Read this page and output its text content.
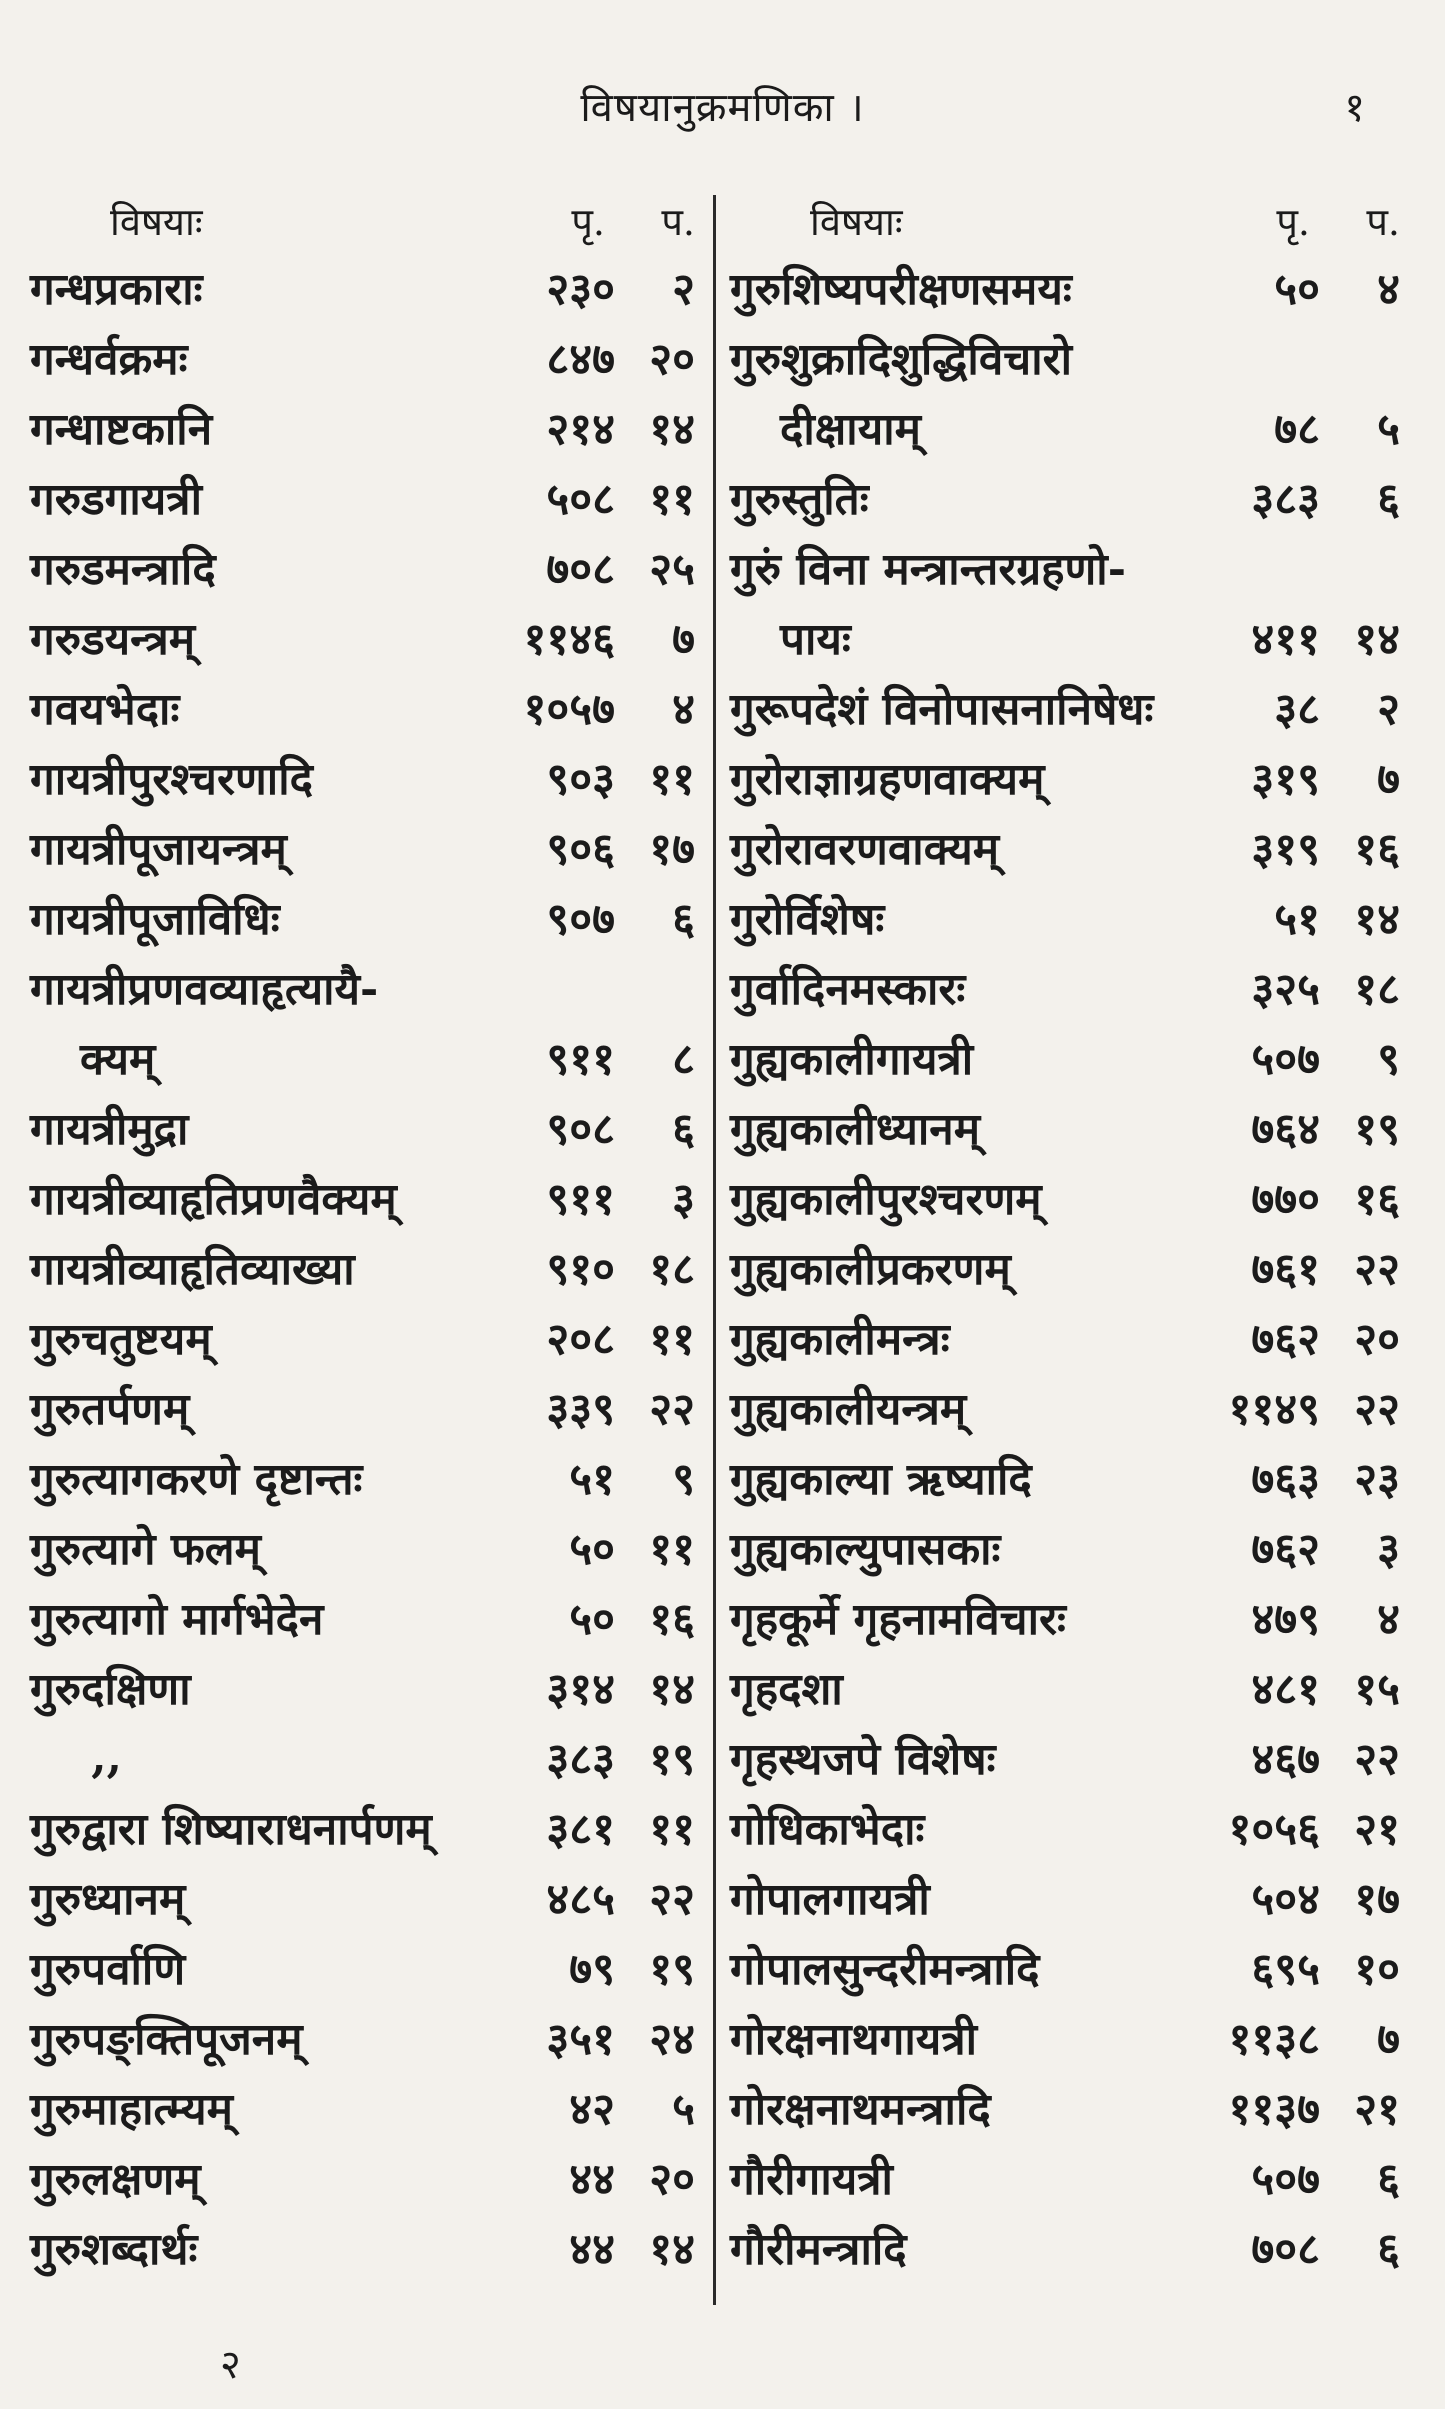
विषयानुक्रमणिका ।	१
विषयाः	पृ.	प.
गन्धप्रकाराः	२३०	२
गन्धर्वक्रमः	८४७ २०
गन्धाष्टकानि	२१४ १४
गरुडगायत्री	५०८ ११
गरुडमन्त्रादि	७०८ २५
गरुडयन्त्रम्	११४६	७
गवयभेदाः	१०५७	४
गायत्रीपुरश्चरणादि	९०३ ११
गायत्रीपूजायन्त्रम्	९०६ १७
गायत्रीपूजाविधिः	९०७	६
गायत्रीप्रणवव्याहृत्यायै-
क्यम्	९११	८
गायत्रीमुद्रा	९०८	६
गायत्रीव्याहृतिप्रणवैक्यम्	९११	३
गायत्रीव्याहृतिव्याख्या	९१० १८
गुरुचतुष्टयम्	२०८ ११
गुरुतर्पणम्	३३९ २२
गुरुत्यागकरणे दृष्टान्तः	५१	९
गुरुत्यागे फलम्	५० ११
गुरुत्यागो मार्गभेदेन	५० १६
गुरुदक्षिणा	३१४ १४
,,	३८३ १९
गुरुद्वारा शिष्याराधनार्पणम्	३८१ ११
गुरुध्यानम्	४८५ २२
गुरुपर्वाणि	७९ १९
गुरुपङ्क्तिपूजनम्	३५१ २४
गुरुमाहात्म्यम्	४२	५
गुरुलक्षणम्	४४ २०
गुरुशब्दार्थः	४४ १४
विषयाः	पृ.	प.
गुरुशिष्यपरीक्षणसमयः	५०	४
गुरुशुक्रादिशुद्धिविचारो
दीक्षायाम्	७८	५
गुरुस्तुतिः	३८३	६
गुरुं विना मन्त्रान्तरग्रहणो-
पायः	४११ १४
गुरूपदेशं विनोपासनानिषेधः	३८	२
गुरोराज्ञाग्रहणवाक्यम्	३१९	७
गुरोरावरणवाक्यम्	३१९ १६
गुरोर्विशेषः	५१ १४
गुर्वादिनमस्कारः	३२५ १८
गुह्यकालीगायत्री	५०७	९
गुह्यकालीध्यानम्	७६४ १९
गुह्यकालीपुरश्चरणम्	७७० १६
गुह्यकालीप्रकरणम्	७६१ २२
गुह्यकालीमन्त्रः	७६२ २०
गुह्यकालीयन्त्रम्	११४९ २२
गुह्यकाल्या ऋष्यादि	७६३ २३
गुह्यकाल्युपासकाः	७६२	३
गृहकूर्मे गृहनामविचारः	४७९	४
गृहदशा	४८१ १५
गृहस्थजपे विशेषः	४६७ २२
गोधिकाभेदाः	१०५६ २१
गोपालगायत्री	५०४ १७
गोपालसुन्दरीमन्त्रादि	६९५ १०
गोरक्षनाथगायत्री	११३८	७
गोरक्षनाथमन्त्रादि	११३७ २१
गौरीगायत्री	५०७	६
गौरीमन्त्रादि	७०८	६
२
